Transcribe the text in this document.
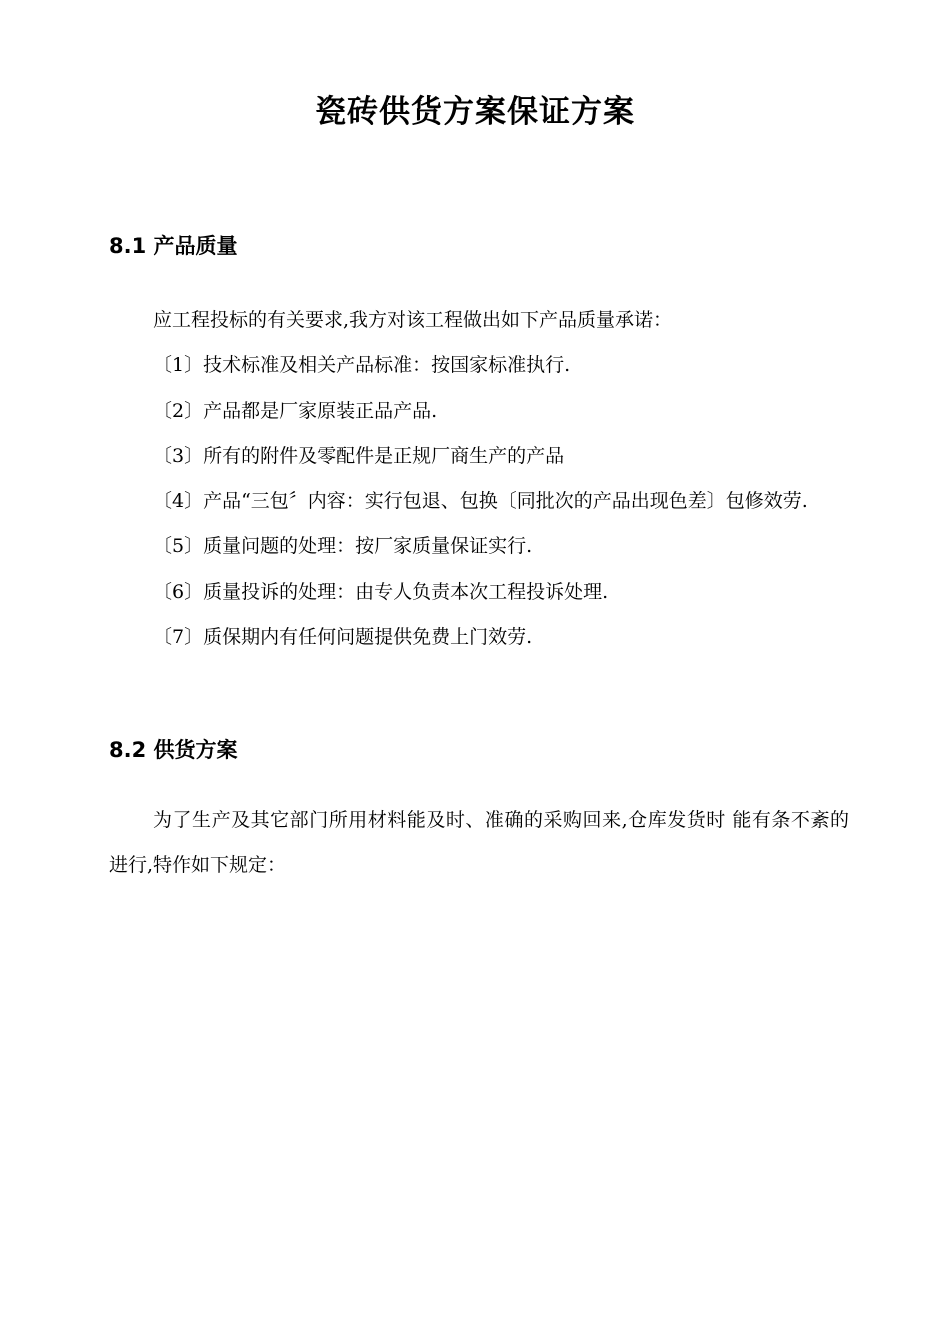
瓷砖供货方案保证方案
8.1 产品质量

应工程投标的有关要求,我方对该工程做出如下产品质量承诺：

〔1〕技术标准及相关产品标准：按国家标准执行.

〔2〕产品都是厂家原装正品产品.

〔3〕所有的附件及零配件是正规厂商生产的产品

〔4〕产品“三包〞内容：实行包退、包换〔同批次的产品出现色差〕包修效劳.

〔5〕质量问题的处理：按厂家质量保证实行.

〔6〕质量投诉的处理：由专人负责本次工程投诉处理.

〔7〕质保期内有任何问题提供免费上门效劳.

8.2 供货方案

为了生产及其它部门所用材料能及时、准确的采购回来,仓库发货时 能有条不紊的进行,特作如下规定：
